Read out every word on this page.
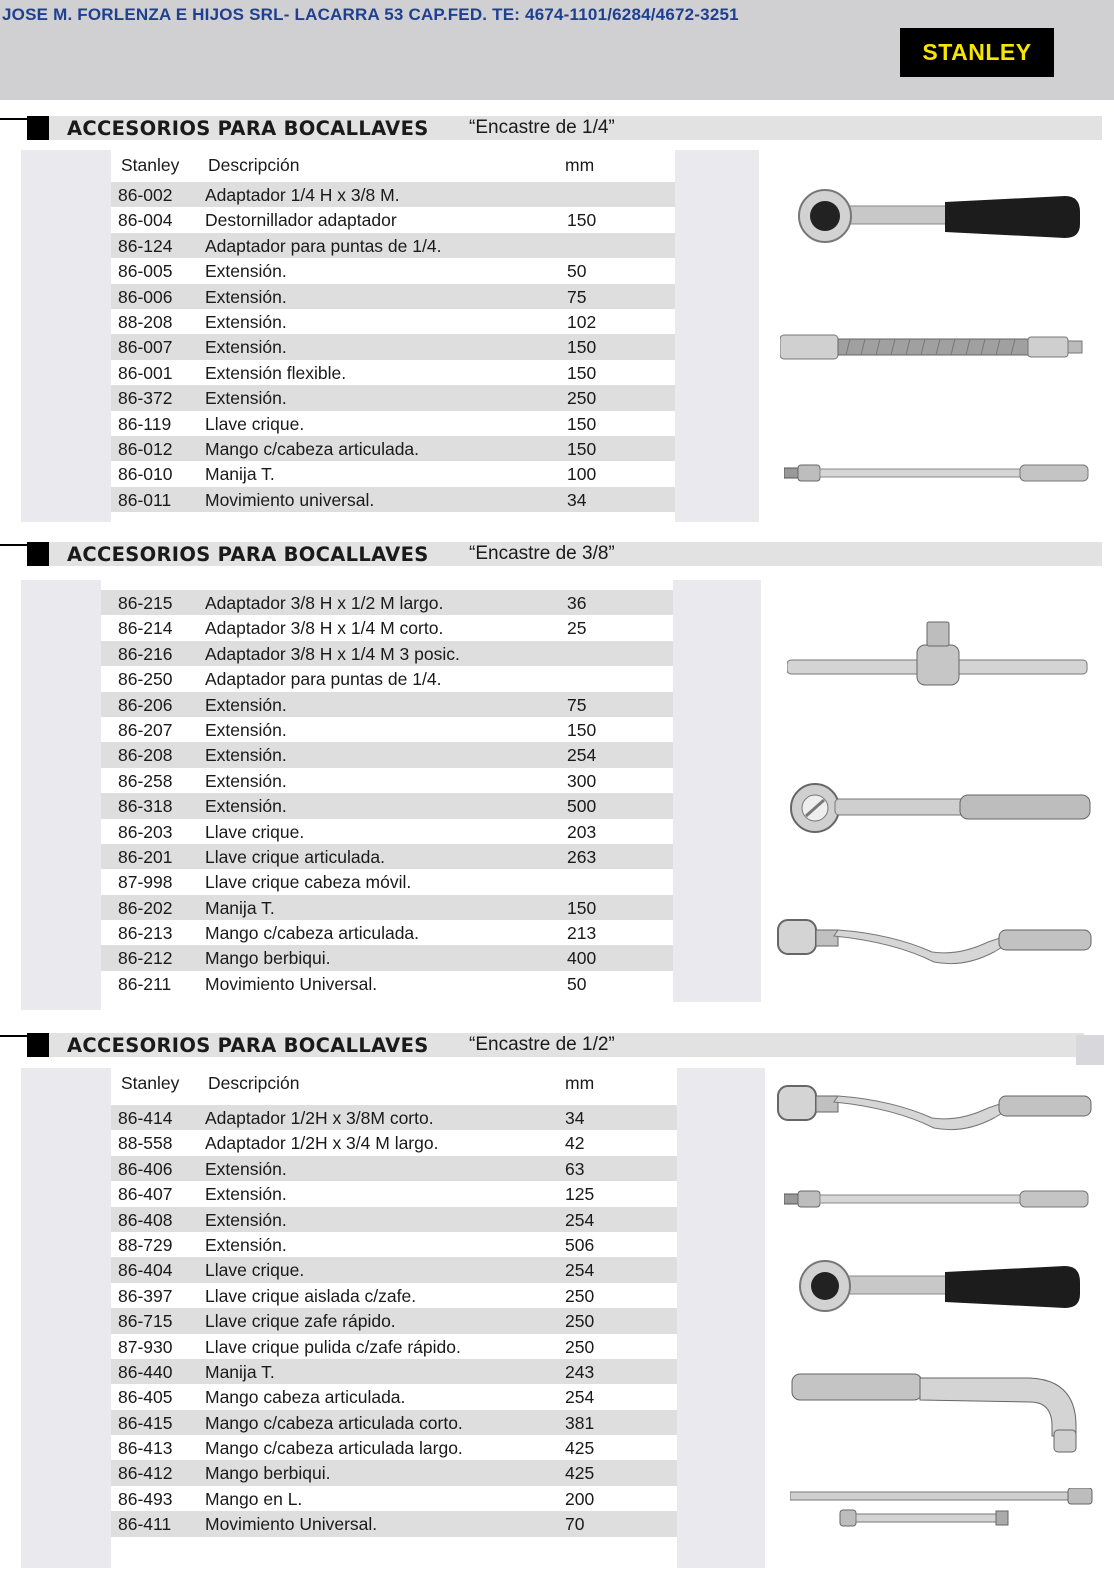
JOSE M. FORLENZA E HIJOS SRL- LACARRA 53 CAP.FED. TE: 4674-1101/6284/4672-3251
STANLEY
ACCESORIOS PARA BOCALLAVES “Encastre de 1/4”
Stanley Descripción	mm
86-002 Adaptador 1/4 H x 3/8 M.
86-004 Destornillador adaptador	150
86-124 Adaptador para puntas de 1/4.
86-005 Extensión.	50
86-006 Extensión.	75
88-208 Extensión.	102
86-007 Extensión.	150
86-001 Extensión flexible.	150
86-372 Extensión.	250
86-119 Llave crique.	150
86-012 Mango c/cabeza articulada.	150
86-010 Manija T.	100
86-011 Movimiento universal.	34
ACCESORIOS PARA BOCALLAVES “Encastre de 3/8”
86-215 Adaptador 3/8 H x 1/2 M largo.	36
86-214 Adaptador 3/8 H x 1/4 M corto.	25
86-216 Adaptador 3/8 H x 1/4 M 3 posic.
86-250 Adaptador para puntas de 1/4.
86-206 Extensión.	75
86-207 Extensión.	150
86-208 Extensión.	254
86-258 Extensión.	300
86-318 Extensión.	500
86-203 Llave crique.	203
86-201 Llave crique articulada.	263
87-998 Llave crique cabeza móvil.
86-202 Manija T.	150
86-213 Mango c/cabeza articulada.	213
86-212 Mango berbiqui.	400
86-211 Movimiento Universal.	50
ACCESORIOS PARA BOCALLAVES “Encastre de 1/2”
Stanley Descripción	mm
86-414 Adaptador 1/2H x 3/8M corto.	34
88-558 Adaptador 1/2H x 3/4 M largo.	42
86-406 Extensión.	63
86-407 Extensión.	125
86-408 Extensión.	254
88-729 Extensión.	506
86-404 Llave crique.	254
86-397 Llave crique aislada c/zafe.	250
86-715 Llave crique zafe rápido.	250
87-930 Llave crique pulida c/zafe rápido.	250
86-440 Manija T.	243
86-405 Mango cabeza articulada.	254
86-415 Mango c/cabeza articulada corto.	381
86-413 Mango c/cabeza articulada largo.	425
86-412 Mango berbiqui.	425
86-493 Mango en L.	200
86-411 Movimiento Universal.	70
